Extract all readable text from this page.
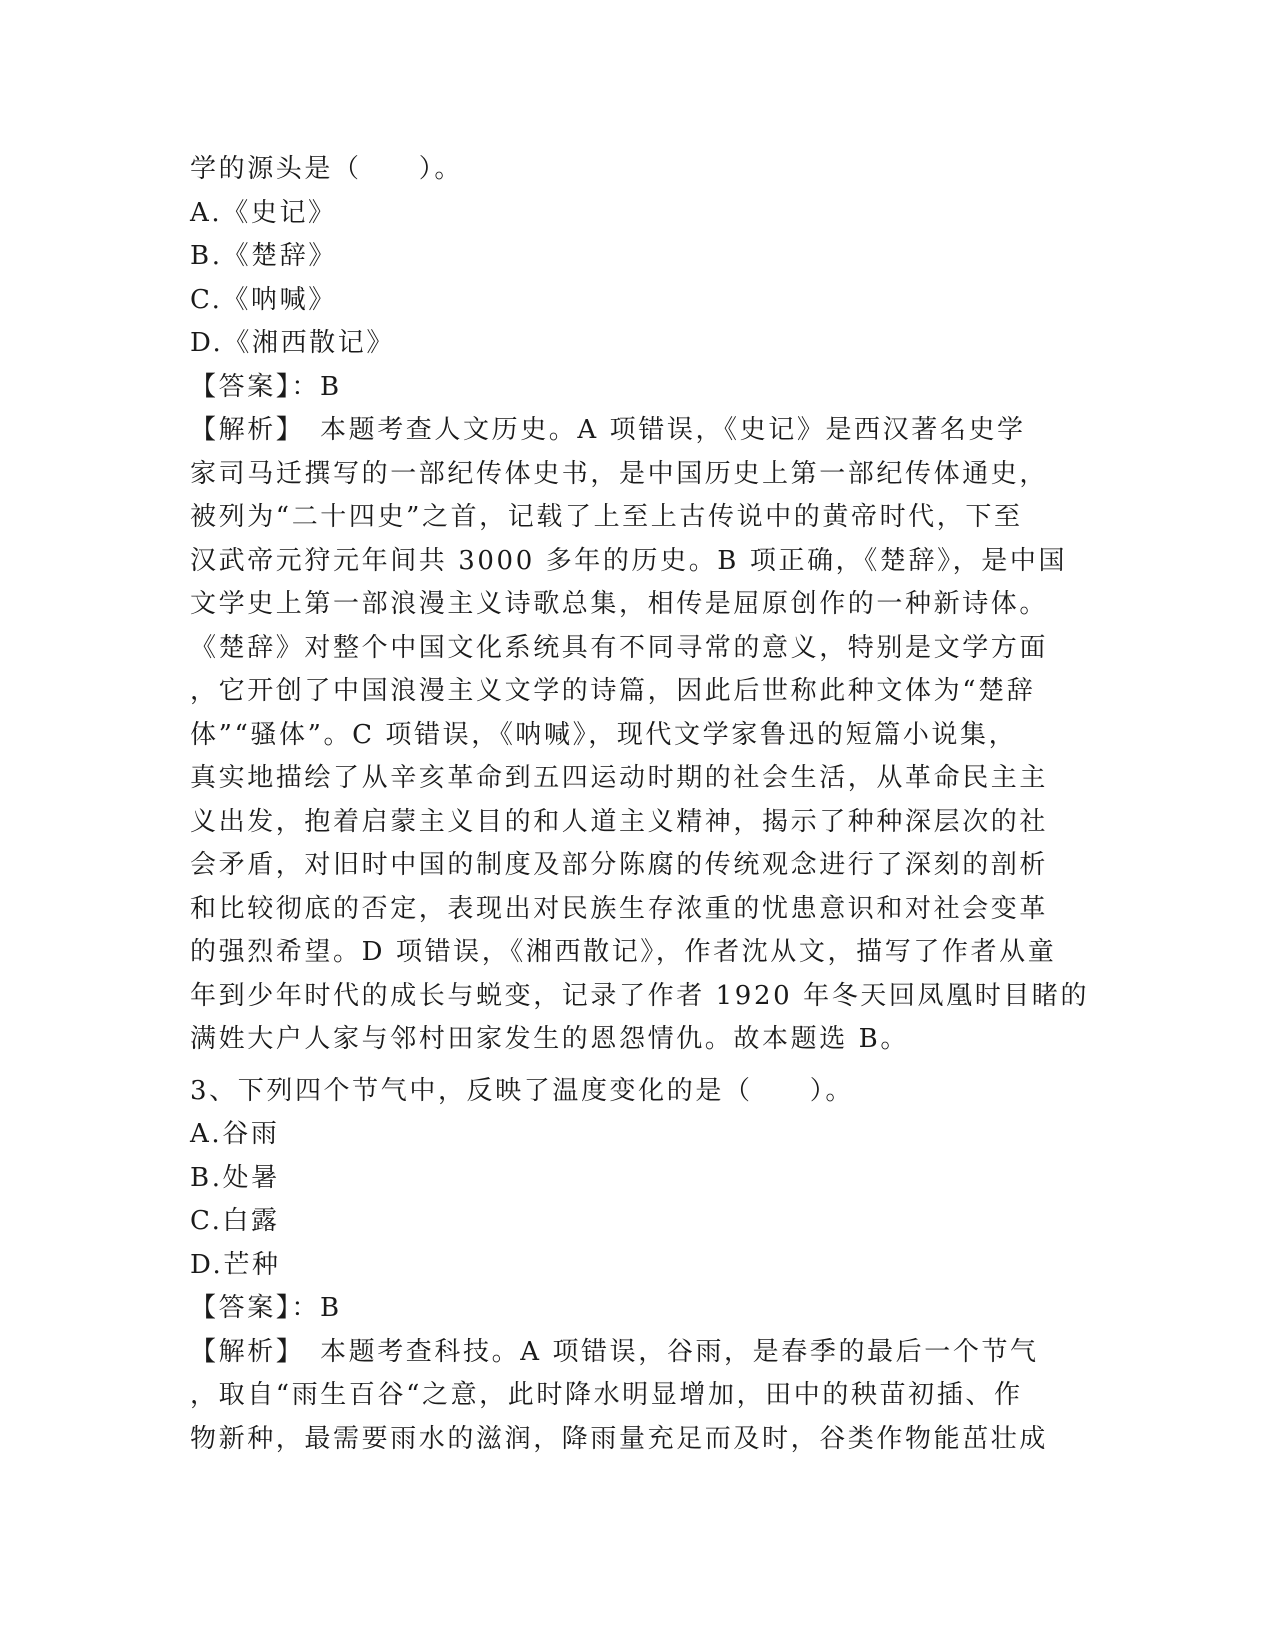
学的源头是（　　）。
A.《史记》
B.《楚辞》
C.《呐喊》
D.《湘西散记》
【答案】：B
【解析】　本题考查人文历史。A 项错误，《史记》是西汉著名史学
家司马迁撰写的一部纪传体史书，是中国历史上第一部纪传体通史，
被列为“二十四史”之首，记载了上至上古传说中的黄帝时代，下至
汉武帝元狩元年间共 3000 多年的历史。B 项正确，《楚辞》，是中国
文学史上第一部浪漫主义诗歌总集，相传是屈原创作的一种新诗体。
《楚辞》对整个中国文化系统具有不同寻常的意义，特别是文学方面
，它开创了中国浪漫主义文学的诗篇，因此后世称此种文体为“楚辞
体”“骚体”。C 项错误，《呐喊》，现代文学家鲁迅的短篇小说集，
真实地描绘了从辛亥革命到五四运动时期的社会生活，从革命民主主
义出发，抱着启蒙主义目的和人道主义精神，揭示了种种深层次的社
会矛盾，对旧时中国的制度及部分陈腐的传统观念进行了深刻的剖析
和比较彻底的否定，表现出对民族生存浓重的忧患意识和对社会变革
的强烈希望。D 项错误，《湘西散记》，作者沈从文，描写了作者从童
年到少年时代的成长与蜕变，记录了作者 1920 年冬天回凤凰时目睹的
满姓大户人家与邻村田家发生的恩怨情仇。故本题选 B。
3、下列四个节气中，反映了温度变化的是（　　）。
A.谷雨
B.处暑
C.白露
D.芒种
【答案】：B
【解析】　本题考查科技。A 项错误，谷雨，是春季的最后一个节气
，取自“雨生百谷“之意，此时降水明显增加，田中的秧苗初插、作
物新种，最需要雨水的滋润，降雨量充足而及时，谷类作物能茁壮成
